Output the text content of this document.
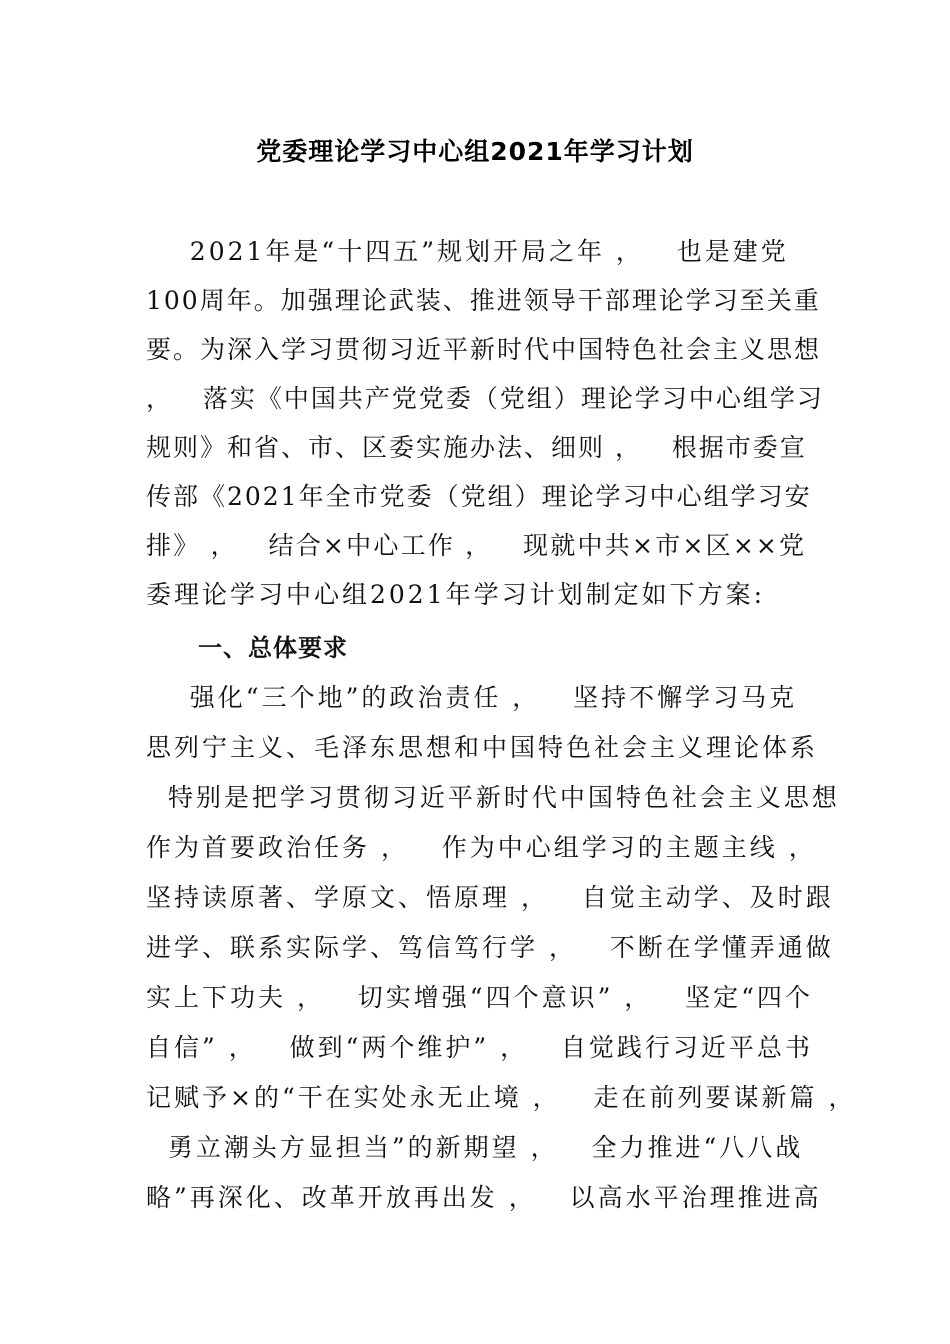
党委理论学习中心组2021年学习计划
2021年是“十四五”规划开局之年 ，   也是建党
100周年。加强理论武装、推进领导干部理论学习至关重
要。为深入学习贯彻习近平新时代中国特色社会主义思想
，   落实《中国共产党党委（党组）理论学习中心组学习
规则》和省、市、区委实施办法、细则 ，   根据市委宣
传部《2021年全市党委（党组）理论学习中心组学习安
排》 ，   结合×中心工作 ，   现就中共×市×区××党
委理论学习中心组2021年学习计划制定如下方案:
一、总体要求
强化“三个地”的政治责任 ，   坚持不懈学习马克
思列宁主义、毛泽东思想和中国特色社会主义理论体系
特别是把学习贯彻习近平新时代中国特色社会主义思想
作为首要政治任务 ，   作为中心组学习的主题主线 ，
坚持读原著、学原文、悟原理 ，   自觉主动学、及时跟
进学、联系实际学、笃信笃行学 ，   不断在学懂弄通做
实上下功夫 ，   切实增强“四个意识” ，   坚定“四个
自信” ，   做到“两个维护” ，   自觉践行习近平总书
记赋予×的“干在实处永无止境 ，   走在前列要谋新篇 ，
勇立潮头方显担当”的新期望 ，   全力推进“八八战
略”再深化、改革开放再出发 ，   以高水平治理推进高
